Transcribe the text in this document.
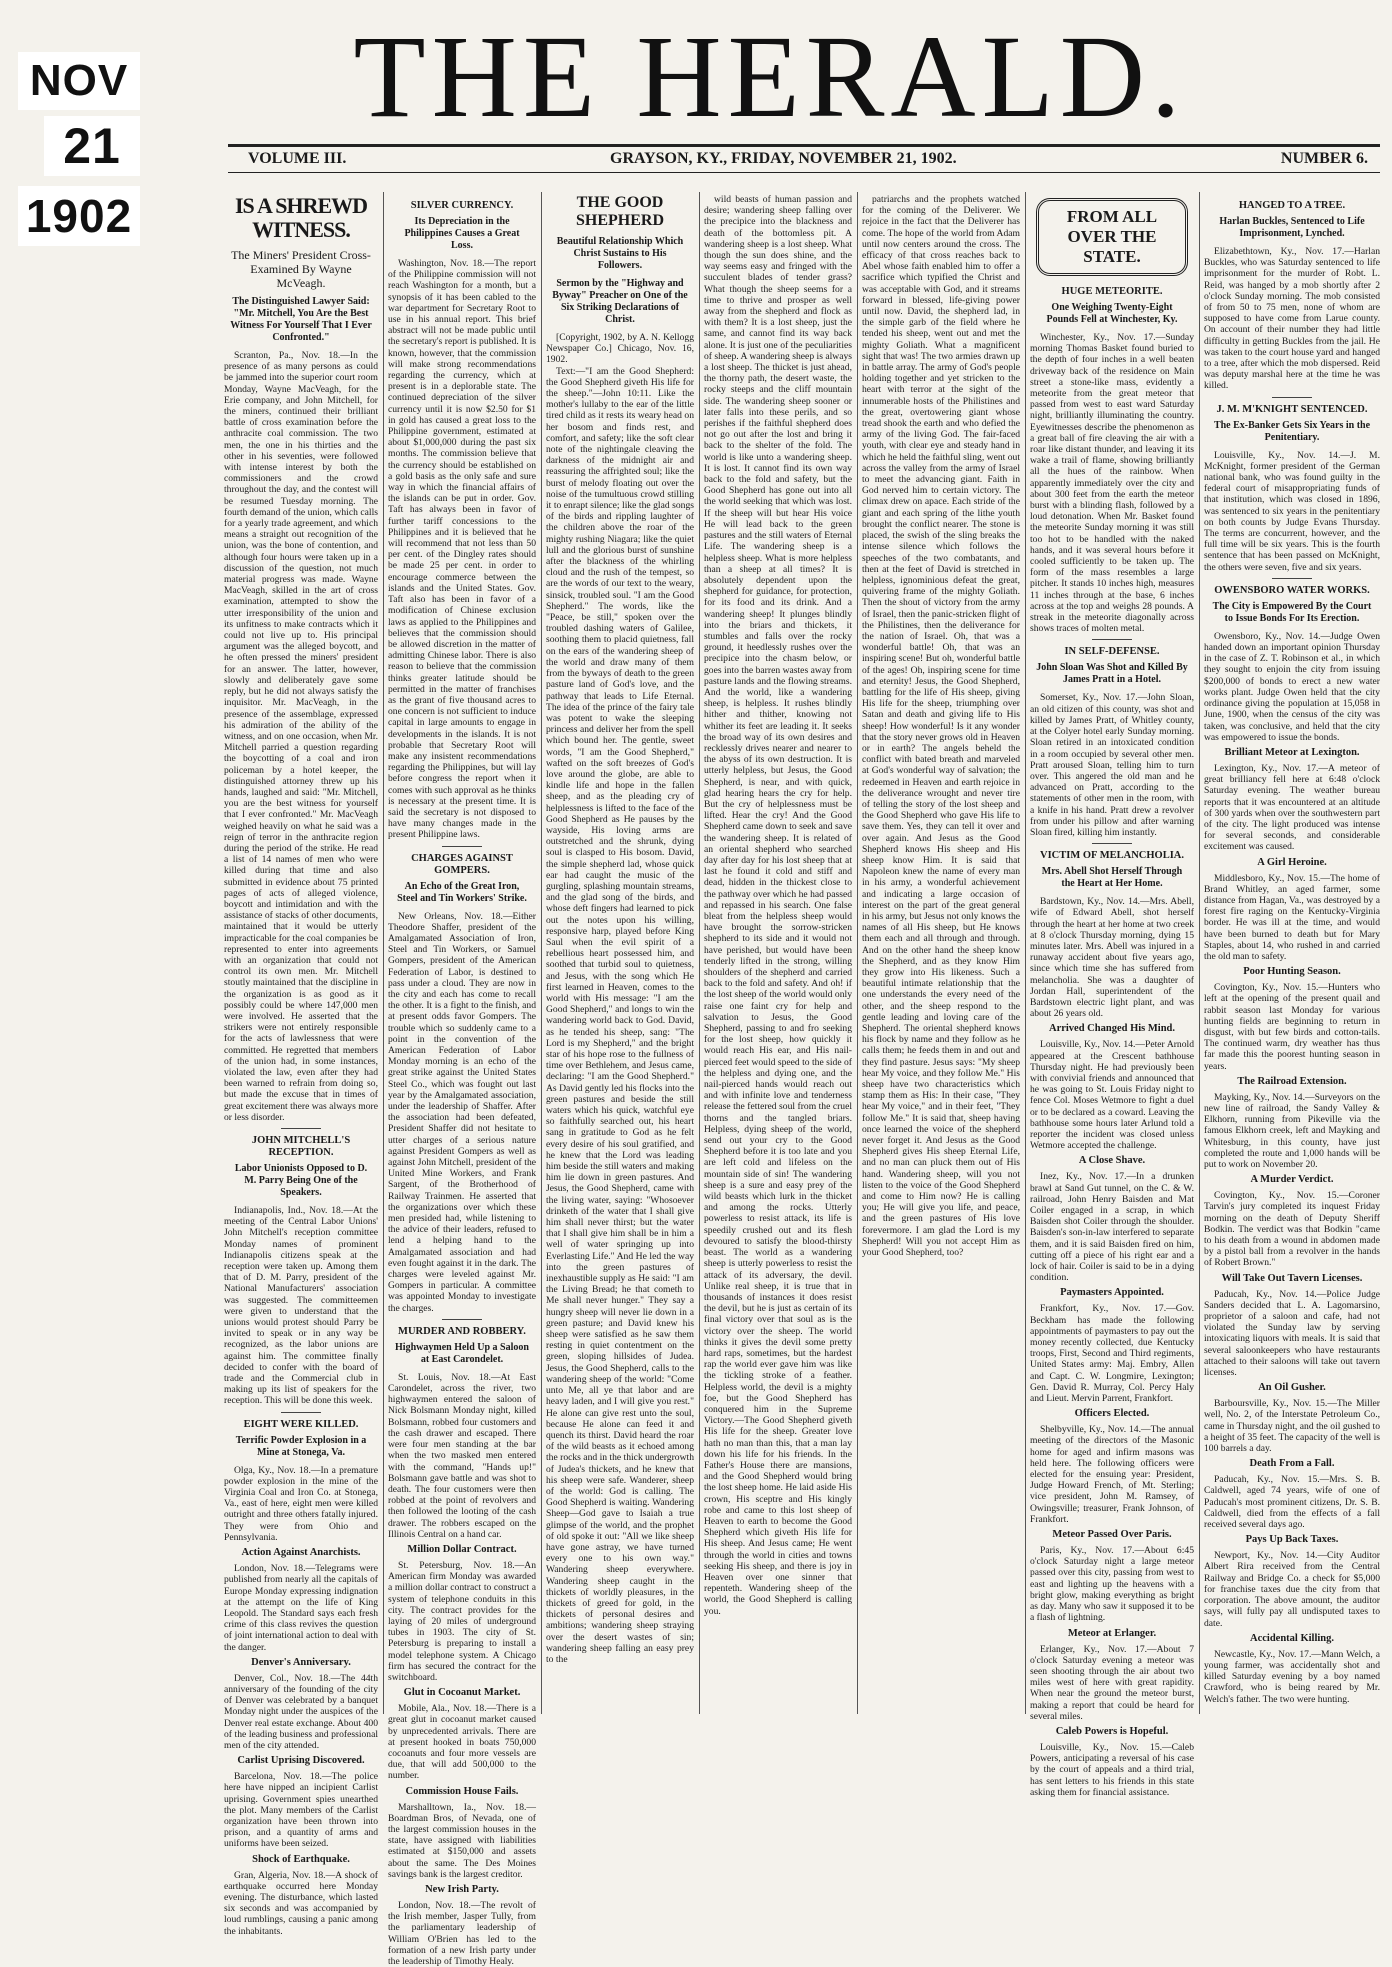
NOV
21
1902
THE HERALD.
VOLUME III.	GRAYSON, KY., FRIDAY, NOVEMBER 21, 1902.	NUMBER 6.
IS A SHREWD WITNESS.
The Miners' President Cross-Examined By Wayne McVeagh.
The Distinguished Lawyer Said: "Mr. Mitchell, You Are the Best Witness For Yourself That I Ever Confronted."

Scranton, Pa., Nov. 18.—In the presence of as many persons as could be jammed into the superior court room Monday, Wayne MacVeagh, for the Erie company, and John Mitchell, for the miners, continued their brilliant battle of cross examination before the anthracite coal commission. The two men, the one in his thirties and the other in his seventies, were followed with intense interest by both the commissioners and the crowd throughout the day, and the contest will be resumed Tuesday morning. The fourth demand of the union, which calls for a yearly trade agreement, and which means a straight out recognition of the union, was the bone of contention, and although four hours were taken up in a discussion of the question, not much material progress was made. Wayne MacVeagh, skilled in the art of cross examination, attempted to show the utter irresponsibility of the union and its unfitness to make contracts which it could not live up to. His principal argument was the alleged boycott, and he often pressed the miners' president for an answer. The latter, however, slowly and deliberately gave some reply, but he did not always satisfy the inquisitor. Mr. MacVeagh, in the presence of the assemblage, expressed his admiration of the ability of the witness, and on one occasion, when Mr. Mitchell parried a question regarding the boycotting of a coal and iron policeman by a hotel keeper, the distinguished attorney threw up his hands, laughed and said: "Mr. Mitchell, you are the best witness for yourself that I ever confronted." Mr. MacVeagh weighed heavily on what he said was a reign of terror in the anthracite region during the period of the strike. He read a list of 14 names of men who were killed during that time and also submitted in evidence about 75 printed pages of acts of alleged violence, boycott and intimidation and with the assistance of stacks of other documents, maintained that it would be utterly impracticable for the coal companies be represented to enter into agreements with an organization that could not control its own men. Mr. Mitchell stoutly maintained that the discipline in the organization is as good as it possibly could be where 147,000 men were involved. He asserted that the strikers were not entirely responsible for the acts of lawlessness that were committed. He regretted that members of the union had, in some instances, violated the law, even after they had been warned to refrain from doing so, but made the excuse that in times of great excitement there was always more or less disorder.

JOHN MITCHELL'S RECEPTION.
Labor Unionists Opposed to D. M. Parry Being One of the Speakers.

Indianapolis, Ind., Nov. 18.—At the meeting of the Central Labor Unions' John Mitchell's reception committee Monday names of prominent Indianapolis citizens speak at the reception were taken up. Among them that of D. M. Parry, president of the National Manufacturers' association was suggested. The committeemen were given to understand that the unions would protest should Parry be invited to speak or in any way be recognized, as the labor unions are against him. The committee finally decided to confer with the board of trade and the Commercial club in making up its list of speakers for the reception. This will be done this week.

EIGHT WERE KILLED.
Terrific Powder Explosion in a Mine at Stonega, Va.

Olga, Ky., Nov. 18.—In a premature powder explosion in the mine of the Virginia Coal and Iron Co. at Stonega, Va., east of here, eight men were killed outright and three others fatally injured. They were from Ohio and Pennsylvania.

Action Against Anarchists.

London, Nov. 18.—Telegrams were published from nearly all the capitals of Europe Monday expressing indignation at the attempt on the life of King Leopold. The Standard says each fresh crime of this class revives the question of joint international action to deal with the danger.

Denver's Anniversary.

Denver, Col., Nov. 18.—The 44th anniversary of the founding of the city of Denver was celebrated by a banquet Monday night under the auspices of the Denver real estate exchange. About 400 of the leading business and professional men of the city attended.

Carlist Uprising Discovered.

Barcelona, Nov. 18.—The police here have nipped an incipient Carlist uprising. Government spies unearthed the plot. Many members of the Carlist organization have been thrown into prison, and a quantity of arms and uniforms have been seized.

Shock of Earthquake.

Gran, Algeria, Nov. 18.—A shock of earthquake occurred here Monday evening. The disturbance, which lasted six seconds and was accompanied by loud rumblings, causing a panic among the inhabitants.

SILVER CURRENCY.
Its Depreciation in the Philippines Causes a Great Loss.

Washington, Nov. 18.—The report of the Philippine commission will not reach Washington for a month, but a synopsis of it has been cabled to the war department for Secretary Root to use in his annual report. This brief abstract will not be made public until the secretary's report is published. It is known, however, that the commission will make strong recommendations regarding the currency, which at present is in a deplorable state. The continued depreciation of the silver currency until it is now $2.50 for $1 in gold has caused a great loss to the Philippine government, estimated at about $1,000,000 during the past six months. The commission believe that the currency should be established on a gold basis as the only safe and sure way in which the financial affairs of the islands can be put in order. Gov. Taft has always been in favor of further tariff concessions to the Philippines and it is believed that he will recommend that not less than 50 per cent. of the Dingley rates should be made 25 per cent. in order to encourage commerce between the islands and the United States. Gov. Taft also has been in favor of a modification of Chinese exclusion laws as applied to the Philippines and believes that the commission should be allowed discretion in the matter of admitting Chinese labor. There is also reason to believe that the commission thinks greater latitude should be permitted in the matter of franchises as the grant of five thousand acres to one concern is not sufficient to induce capital in large amounts to engage in developments in the islands. It is not probable that Secretary Root will make any insistent recommendations regarding the Philippines, but will lay before congress the report when it comes with such approval as he thinks is necessary at the present time. It is said the secretary is not disposed to have many changes made in the present Philippine laws.

CHARGES AGAINST GOMPERS.
An Echo of the Great Iron, Steel and Tin Workers' Strike.

New Orleans, Nov. 18.—Either Theodore Shaffer, president of the Amalgamated Association of Iron, Steel and Tin Workers, or Samuel Gompers, president of the American Federation of Labor, is destined to pass under a cloud. They are now in the city and each has come to recall the other. It is a fight to the finish, and at present odds favor Gompers. The trouble which so suddenly came to a point in the convention of the American Federation of Labor Monday morning is an echo of the great strike against the United States Steel Co., which was fought out last year by the Amalgamated association, under the leadership of Shaffer. After the association had been defeated, President Shaffer did not hesitate to utter charges of a serious nature against President Gompers as well as against John Mitchell, president of the United Mine Workers, and Frank Sargent, of the Brotherhood of Railway Trainmen. He asserted that the organizations over which these men presided had, while listening to the advice of their leaders, refused to lend a helping hand to the Amalgamated association and had even fought against it in the dark. The charges were leveled against Mr. Gompers in particular. A committee was appointed Monday to investigate the charges.

MURDER AND ROBBERY.
Highwaymen Held Up a Saloon at East Carondelet.

St. Louis, Nov. 18.—At East Carondelet, across the river, two highwaymen entered the saloon of Nick Bolsmann Monday night, killed Bolsmann, robbed four customers and the cash drawer and escaped. There were four men standing at the bar when the two masked men entered with the command, "Hands up!" Bolsmann gave battle and was shot to death. The four customers were then robbed at the point of revolvers and then followed the looting of the cash drawer. The robbers escaped on the Illinois Central on a hand car.

Million Dollar Contract.

St. Petersburg, Nov. 18.—An American firm Monday was awarded a million dollar contract to construct a system of telephone conduits in this city. The contract provides for the laying of 20 miles of underground tubes in 1903. The city of St. Petersburg is preparing to install a model telephone system. A Chicago firm has secured the contract for the switchboard.

Glut in Cocoanut Market.

Mobile, Ala., Nov. 18.—There is a great glut in cocoanut market caused by unprecedented arrivals. There are at present hooked in boats 750,000 cocoanuts and four more vessels are due, that will add 500,000 to the number.

Commission House Fails.

Marshalltown, Ia., Nov. 18.—Boardman Bros, of Nevada, one of the largest commission houses in the state, have assigned with liabilities estimated at $150,000 and assets about the same. The Des Moines savings bank is the largest creditor.

New Irish Party.

London, Nov. 18.—The revolt of the Irish member, Jasper Tully, from the parliamentary leadership of William O'Brien has led to the formation of a new Irish party under the leadership of Timothy Healy.

THE GOOD SHEPHERD
Beautiful Relationship Which Christ Sustains to His Followers.
Sermon by the "Highway and Byway" Preacher on One of the Six Striking Declarations of Christ.

[Copyright, 1902, by A. N. Kellogg Newspaper Co.] Chicago, Nov. 16, 1902.

Text:—"I am the Good Shepherd: the Good Shepherd giveth His life for the sheep."—John 10:11. Like the mother's lullaby to the ear of the little tired child as it rests its weary head on her bosom and finds rest, and comfort, and safety; like the soft clear note of the nightingale cleaving the darkness of the midnight air and reassuring the affrighted soul; like the burst of melody floating out over the noise of the tumultuous crowd stilling it to enrapt silence; like the glad songs of the birds and rippling laughter of the children above the roar of the mighty rushing Niagara; like the quiet lull and the glorious burst of sunshine after the blackness of the whirling cloud and the rush of the tempest, so are the words of our text to the weary, sinsick, troubled soul. "I am the Good Shepherd." The words, like the "Peace, be still," spoken over the troubled dashing waters of Galilee, soothing them to placid quietness, fall on the ears of the wandering sheep of the world and draw many of them from the byways of death to the green pasture land of God's love, and the pathway that leads to Life Eternal. The idea of the prince of the fairy tale was potent to wake the sleeping princess and deliver her from the spell which bound her. The gentle, sweet words, "I am the Good Shepherd," wafted on the soft breezes of God's love around the globe, are able to kindle life and hope in the fallen sheep, and as the pleading cry of helplessness is lifted to the face of the Good Shepherd as He pauses by the wayside, His loving arms are outstretched and the shrunk, dying soul is clasped to His bosom. David, the simple shepherd lad, whose quick ear had caught the music of the gurgling, splashing mountain streams, and the glad song of the birds, and whose deft fingers had learned to pick out the notes upon his willing, responsive harp, played before King Saul when the evil spirit of a rebellious heart possessed him, and soothed that turbid soul to quietness, and Jesus, with the song which He first learned in Heaven, comes to the world with His message: "I am the Good Shepherd," and longs to win the wandering world back to God. David, as he tended his sheep, sang: "The Lord is my Shepherd," and the bright star of his hope rose to the fullness of time over Bethlehem, and Jesus came, declaring: "I am the Good Shepherd." As David gently led his flocks into the green pastures and beside the still waters which his quick, watchful eye so faithfully searched out, his heart sang in gratitude to God as he felt every desire of his soul gratified, and he knew that the Lord was leading him beside the still waters and making him lie down in green pastures. And Jesus, the Good Shepherd, came with the living water, saying: "Whosoever drinketh of the water that I shall give him shall never thirst; but the water that I shall give him shall be in him a well of water springing up into Everlasting Life." And He led the way into the green pastures of inexhaustible supply as He said: "I am the Living Bread; he that cometh to Me shall never hunger." They say a hungry sheep will never lie down in a green pasture; and David knew his sheep were satisfied as he saw them resting in quiet contentment on the green, sloping hillsides of Judea. Jesus, the Good Shepherd, calls to the wandering sheep of the world: "Come unto Me, all ye that labor and are heavy laden, and I will give you rest." He alone can give rest unto the soul, because He alone can feed it and quench its thirst. David heard the roar of the wild beasts as it echoed among the rocks and in the thick undergrowth of Judea's thickets, and he knew that his sheep were safe. Wanderer, sheep of the world: God is calling. The Good Shepherd is waiting. Wandering Sheep—God gave to Isaiah a true glimpse of the world, and the prophet of old spoke it out: "All we like sheep have gone astray, we have turned every one to his own way." Wandering sheep everywhere. Wandering sheep caught in the thickets of worldly pleasures, in the thickets of greed for gold, in the thickets of personal desires and ambitions; wandering sheep straying over the desert wastes of sin; wandering sheep falling an easy prey to the

wild beasts of human passion and desire; wandering sheep falling over the precipice into the blackness and death of the bottomless pit. A wandering sheep is a lost sheep. What though the sun does shine, and the way seems easy and fringed with the succulent blades of tender grass? What though the sheep seems for a time to thrive and prosper as well away from the shepherd and flock as with them? It is a lost sheep, just the same, and cannot find its way back alone. It is just one of the peculiarities of sheep. A wandering sheep is always a lost sheep. The thicket is just ahead, the thorny path, the desert waste, the rocky steeps and the cliff mountain side. The wandering sheep sooner or later falls into these perils, and so perishes if the faithful shepherd does not go out after the lost and bring it back to the shelter of the fold. The world is like unto a wandering sheep. It is lost. It cannot find its own way back to the fold and safety, but the Good Shepherd has gone out into all the world seeking that which was lost. If the sheep will but hear His voice He will lead back to the green pastures and the still waters of Eternal Life. The wandering sheep is a helpless sheep. What is more helpless than a sheep at all times? It is absolutely dependent upon the shepherd for guidance, for protection, for its food and its drink. And a wandering sheep! It plunges blindly into the briars and thickets, it stumbles and falls over the rocky ground, it heedlessly rushes over the precipice into the chasm below, or goes into the barren wastes away from pasture lands and the flowing streams. And the world, like a wandering sheep, is helpless. It rushes blindly hither and thither, knowing not whither its feet are leading it. It seeks the broad way of its own desires and recklessly drives nearer and nearer to the abyss of its own destruction. It is utterly helpless, but Jesus, the Good Shepherd, is near, and with quick, glad hearing hears the cry for help. But the cry of helplessness must be lifted. Hear the cry! And the Good Shepherd came down to seek and save the wandering sheep. It is related of an oriental shepherd who searched day after day for his lost sheep that at last he found it cold and stiff and dead, hidden in the thickest close to the pathway over which he had passed and repassed in his search. One false bleat from the helpless sheep would have brought the sorrow-stricken shepherd to its side and it would not have perished, but would have been tenderly lifted in the strong, willing shoulders of the shepherd and carried back to the fold and safety. And oh! if the lost sheep of the world would only raise one faint cry for help and salvation to Jesus, the Good Shepherd, passing to and fro seeking for the lost sheep, how quickly it would reach His ear, and His nail-pierced feet would speed to the side of the helpless and dying one, and the nail-pierced hands would reach out and with infinite love and tenderness release the fettered soul from the cruel thorns and the tangled briars. Helpless, dying sheep of the world, send out your cry to the Good Shepherd before it is too late and you are left cold and lifeless on the mountain side of sin! The wandering sheep is a sure and easy prey of the wild beasts which lurk in the thicket and among the rocks. Utterly powerless to resist attack, its life is speedily crushed out and its flesh devoured to satisfy the blood-thirsty beast. The world as a wandering sheep is utterly powerless to resist the attack of its adversary, the devil. Unlike real sheep, it is true that in thousands of instances it does resist the devil, but he is just as certain of its final victory over that soul as is the victory over the sheep. The world thinks it gives the devil some pretty hard raps, sometimes, but the hardest rap the world ever gave him was like the tickling stroke of a feather. Helpless world, the devil is a mighty foe, but the Good Shepherd has conquered him in the Supreme Victory.—The Good Shepherd giveth His life for the sheep. Greater love hath no man than this, that a man lay down his life for his friends. In the Father's House there are mansions, and the Good Shepherd would bring the lost sheep home. He laid aside His crown, His sceptre and His kingly robe and came to this lost sheep of Heaven to earth to become the Good Shepherd which giveth His life for His sheep. And Jesus came; He went through the world in cities and towns seeking His sheep, and there is joy in Heaven over one sinner that repenteth. Wandering sheep of the world, the Good Shepherd is calling you.

patriarchs and the prophets watched for the coming of the Deliverer. We rejoice in the fact that the Deliverer has come. The hope of the world from Adam until now centers around the cross. The efficacy of that cross reaches back to Abel whose faith enabled him to offer a sacrifice which typified the Christ and was acceptable with God, and it streams forward in blessed, life-giving power until now. David, the shepherd lad, in the simple garb of the field where he tended his sheep, went out and met the mighty Goliath. What a magnificent sight that was! The two armies drawn up in battle array. The army of God's people holding together and yet stricken to the heart with terror at the sight of the innumerable hosts of the Philistines and the great, overtowering giant whose tread shook the earth and who defied the army of the living God. The fair-faced youth, with clear eye and steady hand in which he held the faithful sling, went out across the valley from the army of Israel to meet the advancing giant. Faith in God nerved him to certain victory. The climax drew on apace. Each stride of the giant and each spring of the lithe youth brought the conflict nearer. The stone is placed, the swish of the sling breaks the intense silence which follows the speeches of the two combatants, and then at the feet of David is stretched in helpless, ignominious defeat the great, quivering frame of the mighty Goliath. Then the shout of victory from the army of Israel, then the panic-stricken flight of the Philistines, then the deliverance for the nation of Israel. Oh, that was a wonderful battle! Oh, that was an inspiring scene! But oh, wonderful battle of the ages! Oh, inspiring scene for time and eternity! Jesus, the Good Shepherd, battling for the life of His sheep, giving His life for the sheep, triumphing over Satan and death and giving life to His sheep! How wonderful! Is it any wonder that the story never grows old in Heaven or in earth? The angels beheld the conflict with bated breath and marveled at God's wonderful way of salvation; the redeemed in Heaven and earth rejoice in the deliverance wrought and never tire of telling the story of the lost sheep and the Good Shepherd who gave His life to save them. Yes, they can tell it over and over again. And Jesus as the Good Shepherd knows His sheep and His sheep know Him. It is said that Napoleon knew the name of every man in his army, a wonderful achievement and indicating a large occasion of interest on the part of the great general in his army, but Jesus not only knows the names of all His sheep, but He knows them each and all through and through. And on the other hand the sheep know the Shepherd, and as they know Him they grow into His likeness. Such a beautiful intimate relationship that the one understands the every need of the other, and the sheep respond to the gentle leading and loving care of the Shepherd. The oriental shepherd knows his flock by name and they follow as he calls them; he feeds them in and out and they find pasture. Jesus says: "My sheep hear My voice, and they follow Me." His sheep have two characteristics which stamp them as His: In their case, "They hear My voice," and in their feet, "They follow Me." It is said that, sheep having once learned the voice of the shepherd never forget it. And Jesus as the Good Shepherd gives His sheep Eternal Life, and no man can pluck them out of His hand. Wandering sheep, will you not listen to the voice of the Good Shepherd and come to Him now? He is calling you; He will give you life, and peace, and the green pastures of His love forevermore. I am glad the Lord is my Shepherd! Will you not accept Him as your Good Shepherd, too?

FROM ALL OVER THE STATE.
HUGE METEORITE.
One Weighing Twenty-Eight Pounds Fell at Winchester, Ky.

Winchester, Ky., Nov. 17.—Sunday morning Thomas Basket found buried to the depth of four inches in a well beaten driveway back of the residence on Main street a stone-like mass, evidently a meteorite from the great meteor that passed from west to east ward Saturday night, brilliantly illuminating the country. Eyewitnesses describe the phenomenon as a great ball of fire cleaving the air with a roar like distant thunder, and leaving it its wake a trail of flame, showing brilliantly all the hues of the rainbow. When apparently immediately over the city and about 300 feet from the earth the meteor burst with a blinding flash, followed by a loud detonation. When Mr. Basket found the meteorite Sunday morning it was still too hot to be handled with the naked hands, and it was several hours before it cooled sufficiently to be taken up. The form of the mass resembles a large pitcher. It stands 10 inches high, measures 11 inches through at the base, 6 inches across at the top and weighs 28 pounds. A streak in the meteorite diagonally across shows traces of molten metal.

IN SELF-DEFENSE.
John Sloan Was Shot and Killed By James Pratt in a Hotel.

Somerset, Ky., Nov. 17.—John Sloan, an old citizen of this county, was shot and killed by James Pratt, of Whitley county, at the Colyer hotel early Sunday morning. Sloan retired in an intoxicated condition in a room occupied by several other men. Pratt aroused Sloan, telling him to turn over. This angered the old man and he advanced on Pratt, according to the statements of other men in the room, with a knife in his hand. Pratt drew a revolver from under his pillow and after warning Sloan fired, killing him instantly.

VICTIM OF MELANCHOLIA.
Mrs. Abell Shot Herself Through the Heart at Her Home.

Bardstown, Ky., Nov. 14.—Mrs. Abell, wife of Edward Abell, shot herself through the heart at her home at two creek at 8 o'clock Thursday morning, dying 15 minutes later. Mrs. Abell was injured in a runaway accident about five years ago, since which time she has suffered from melancholia. She was a daughter of Jordan Hall, superintendent of the Bardstown electric light plant, and was about 26 years old.

Arrived Changed His Mind.

Louisville, Ky., Nov. 14.—Peter Arnold appeared at the Crescent bathhouse Thursday night. He had previously been with convivial friends and announced that he was going to St. Louis Friday night to fence Col. Moses Wetmore to fight a duel or to be declared as a coward. Leaving the bathhouse some hours later Arlund told a reporter the incident was closed unless Wetmore accepted the challenge.

A Close Shave.

Inez, Ky., Nov. 17.—In a drunken brawl at Sand Gut tunnel, on the C. & W. railroad, John Henry Baisden and Mat Coiler engaged in a scrap, in which Baisden shot Coiler through the shoulder. Baisden's son-in-law interfered to separate them, and it is said Baisden fired on him, cutting off a piece of his right ear and a lock of hair. Coiler is said to be in a dying condition.

Paymasters Appointed.

Frankfort, Ky., Nov. 17.—Gov. Beckham has made the following appointments of paymasters to pay out the money recently collected, due Kentucky troops, First, Second and Third regiments, United States army: Maj. Embry, Allen and Capt. C. W. Longmire, Lexington; Gen. David R. Murray, Col. Percy Haly and Lieut. Mervin Parrent, Frankfort.

Officers Elected.

Shelbyville, Ky., Nov. 14.—The annual meeting of the directors of the Masonic home for aged and infirm masons was held here. The following officers were elected for the ensuing year: President, Judge Howard French, of Mt. Sterling; vice president, John M. Ramsey, of Owingsville; treasurer, Frank Johnson, of Frankfort.

Meteor Passed Over Paris.

Paris, Ky., Nov. 17.—About 6:45 o'clock Saturday night a large meteor passed over this city, passing from west to east and lighting up the heavens with a bright glow, making everything as bright as day. Many who saw it supposed it to be a flash of lightning.

Meteor at Erlanger.

Erlanger, Ky., Nov. 17.—About 7 o'clock Saturday evening a meteor was seen shooting through the air about two miles west of here with great rapidity. When near the ground the meteor burst, making a report that could be heard for several miles.

Caleb Powers is Hopeful.

Louisville, Ky., Nov. 15.—Caleb Powers, anticipating a reversal of his case by the court of appeals and a third trial, has sent letters to his friends in this state asking them for financial assistance.

HANGED TO A TREE.
Harlan Buckles, Sentenced to Life Imprisonment, Lynched.

Elizabethtown, Ky., Nov. 17.—Harlan Buckles, who was Saturday sentenced to life imprisonment for the murder of Robt. L. Reid, was hanged by a mob shortly after 2 o'clock Sunday morning. The mob consisted of from 50 to 75 men, none of whom are supposed to have come from Larue county. On account of their number they had little difficulty in getting Buckles from the jail. He was taken to the court house yard and hanged to a tree, after which the mob dispersed. Reid was deputy marshal here at the time he was killed.

J. M. M'KNIGHT SENTENCED.
The Ex-Banker Gets Six Years in the Penitentiary.

Louisville, Ky., Nov. 14.—J. M. McKnight, former president of the German national bank, who was found guilty in the federal court of misappropriating funds of that institution, which was closed in 1896, was sentenced to six years in the penitentiary on both counts by Judge Evans Thursday. The terms are concurrent, however, and the full time will be six years. This is the fourth sentence that has been passed on McKnight, the others were seven, five and six years.

OWENSBORO WATER WORKS.
The City is Empowered By the Court to Issue Bonds For Its Erection.

Owensboro, Ky., Nov. 14.—Judge Owen handed down an important opinion Thursday in the case of Z. T. Robinson et al., in which they sought to enjoin the city from issuing $200,000 of bonds to erect a new water works plant. Judge Owen held that the city ordinance giving the population at 15,058 in June, 1900, when the census of the city was taken, was conclusive, and held that the city was empowered to issue the bonds.

Brilliant Meteor at Lexington.

Lexington, Ky., Nov. 17.—A meteor of great brilliancy fell here at 6:48 o'clock Saturday evening. The weather bureau reports that it was encountered at an altitude of 300 yards when over the southwestern part of the city. The light produced was intense for several seconds, and considerable excitement was caused.

A Girl Heroine.

Middlesboro, Ky., Nov. 15.—The home of Brand Whitley, an aged farmer, some distance from Hagan, Va., was destroyed by a forest fire raging on the Kentucky-Virginia border. He was ill at the time, and would have been burned to death but for Mary Staples, about 14, who rushed in and carried the old man to safety.

Poor Hunting Season.

Covington, Ky., Nov. 15.—Hunters who left at the opening of the present quail and rabbit season last Monday for various hunting fields are beginning to return in disgust, with but few birds and cotton-tails. The continued warm, dry weather has thus far made this the poorest hunting season in years.

The Railroad Extension.

Mayking, Ky., Nov. 14.—Surveyors on the new line of railroad, the Sandy Valley & Elkhorn, running from Pikeville via the famous Elkhorn creek, left and Mayking and Whitesburg, in this county, have just completed the route and 1,000 hands will be put to work on November 20.

A Murder Verdict.

Covington, Ky., Nov. 15.—Coroner Tarvin's jury completed its inquest Friday morning on the death of Deputy Sheriff Bodkin. The verdict was that Bodkin "came to his death from a wound in abdomen made by a pistol ball from a revolver in the hands of Robert Brown."

Will Take Out Tavern Licenses.

Paducah, Ky., Nov. 14.—Police Judge Sanders decided that L. A. Lagomarsino, proprietor of a saloon and cafe, had not violated the Sunday law by serving intoxicating liquors with meals. It is said that several saloonkeepers who have restaurants attached to their saloons will take out tavern licenses.

An Oil Gusher.

Barboursville, Ky., Nov. 15.—The Miller well, No. 2, of the Interstate Petroleum Co., came in Thursday night, and the oil gushed to a height of 35 feet. The capacity of the well is 100 barrels a day.

Death From a Fall.

Paducah, Ky., Nov. 15.—Mrs. S. B. Caldwell, aged 74 years, wife of one of Paducah's most prominent citizens, Dr. S. B. Caldwell, died from the effects of a fall received several days ago.

Pays Up Back Taxes.

Newport, Ky., Nov. 14.—City Auditor Albert Rira received from the Central Railway and Bridge Co. a check for $5,000 for franchise taxes due the city from that corporation. The above amount, the auditor says, will fully pay all undisputed taxes to date.

Accidental Killing.

Newcastle, Ky., Nov. 17.—Mann Welch, a young farmer, was accidentally shot and killed Saturday evening by a boy named Crawford, who is being reared by Mr. Welch's father. The two were hunting.
